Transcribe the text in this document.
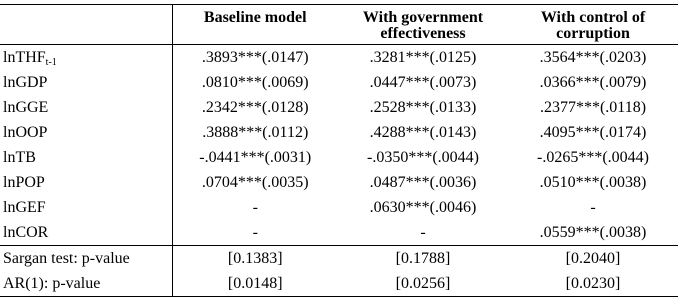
	Baseline model	With government effectiveness	With control of corruption
lnTHF$_{t-1}$	.3893***(.0147)	.3281***(.0125)	.3564***(.0203)
lnGDP	.0810***(.0069)	.0447***(.0073)	.0366***(.0079)
lnGGE	.2342***(.0128)	.2528***(.0133)	.2377***(.0118)
lnOOP	.3888***(.0112)	.4288***(.0143)	.4095***(.0174)
lnTB	-.0441***(.0031)	-.0350***(.0044)	-.0265***(.0044)
lnPOP	.0704***(.0035)	.0487***(.0036)	.0510***(.0038)
lnGEF	-	.0630***(.0046)	-
lnCOR	-	-	.0559***(.0038)
Sargan test: p-value	[0.1383]	[0.1788]	[0.2040]
AR(1): p-value	[0.0148]	[0.0256]	[0.0230]
